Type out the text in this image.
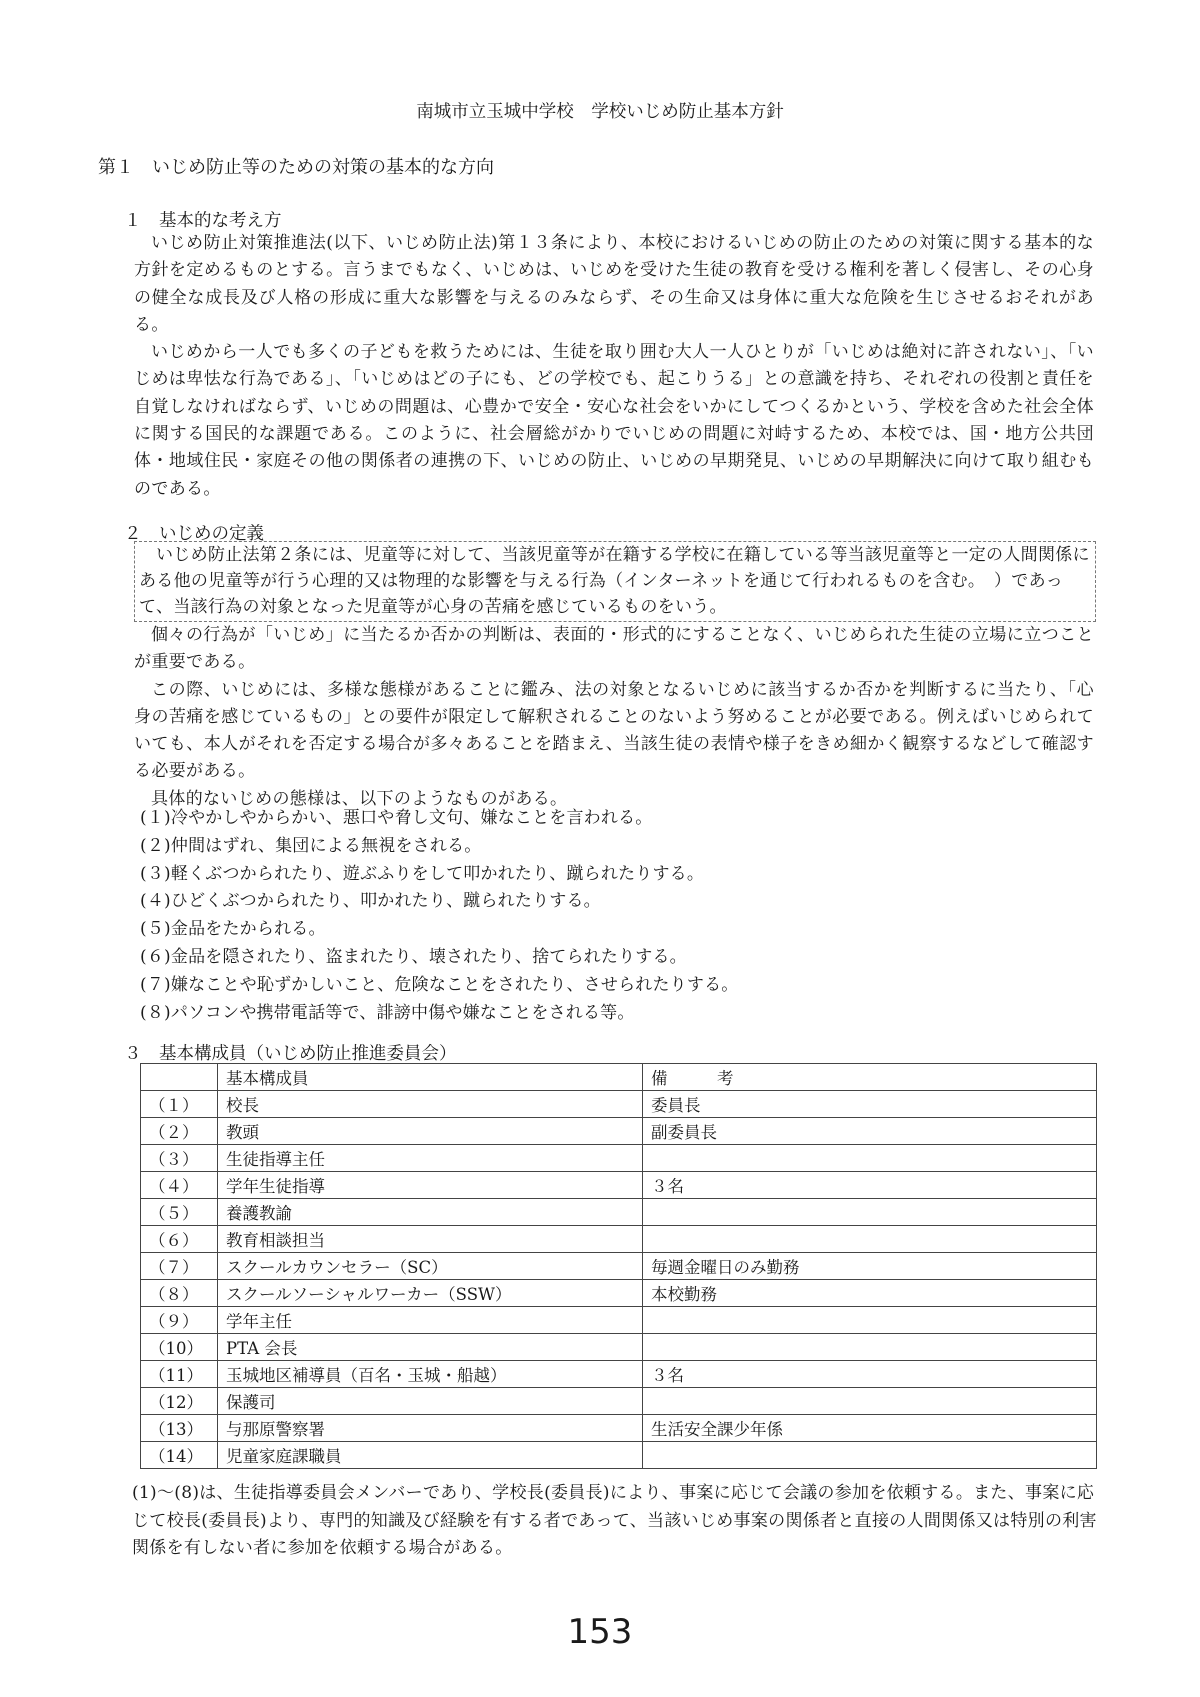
南城市立玉城中学校　学校いじめ防止基本方針
第１　いじめ防止等のための対策の基本的な方向
１　基本的な考え方

いじめ防止対策推進法(以下、いじめ防止法)第１３条により、本校におけるいじめの防止のための対策に関する基本的な方針を定めるものとする。言うまでもなく、いじめは、いじめを受けた生徒の教育を受ける権利を著しく侵害し、その心身の健全な成長及び人格の形成に重大な影響を与えるのみならず、その生命又は身体に重大な危険を生じさせるおそれがある。

いじめから一人でも多くの子どもを救うためには、生徒を取り囲む大人一人ひとりが「いじめは絶対に許されない」、「いじめは卑怯な行為である」、「いじめはどの子にも、どの学校でも、起こりうる」との意識を持ち、それぞれの役割と責任を自覚しなければならず、いじめの問題は、心豊かで安全・安心な社会をいかにしてつくるかという、学校を含めた社会全体に関する国民的な課題である。このように、社会層総がかりでいじめの問題に対峙するため、本校では、国・地方公共団体・地域住民・家庭その他の関係者の連携の下、いじめの防止、いじめの早期発見、いじめの早期解決に向けて取り組むものである。

２　いじめの定義

いじめ防止法第２条には、児童等に対して、当該児童等が在籍する学校に在籍している等当該児童等と一定の人間関係にある他の児童等が行う心理的又は物理的な影響を与える行為（インターネットを通じて行われるものを含む。　）であって、当該行為の対象となった児童等が心身の苦痛を感じているものをいう。

個々の行為が「いじめ」に当たるか否かの判断は、表面的・形式的にすることなく、いじめられた生徒の立場に立つことが重要である。

この際、いじめには、多様な態様があることに鑑み、法の対象となるいじめに該当するか否かを判断するに当たり、「心身の苦痛を感じているもの」との要件が限定して解釈されることのないよう努めることが必要である。例えばいじめられていても、本人がそれを否定する場合が多々あることを踏まえ、当該生徒の表情や様子をきめ細かく観察するなどして確認する必要がある。

具体的ないじめの態様は、以下のようなものがある。

(１)冷やかしやからかい、悪口や脅し文句、嫌なことを言われる。
(２)仲間はずれ、集団による無視をされる。
(３)軽くぶつかられたり、遊ぶふりをして叩かれたり、蹴られたりする。
(４)ひどくぶつかられたり、叩かれたり、蹴られたりする。
(５)金品をたかられる。
(６)金品を隠されたり、盗まれたり、壊されたり、捨てられたりする。
(７)嫌なことや恥ずかしいこと、危険なことをされたり、させられたりする。
(８)パソコンや携帯電話等で、誹謗中傷や嫌なことをされる等。
３　基本構成員（いじめ防止推進委員会）
	基本構成員	備　　　考
（１）	校長	委員長
（２）	教頭	副委員長
（３）	生徒指導主任	
（４）	学年生徒指導	３名
（５）	養護教諭	
（６）	教育相談担当	
（７）	スクールカウンセラー（SC）	毎週金曜日のみ勤務
（８）	スクールソーシャルワーカー（SSW）	本校勤務
（９）	学年主任	
（10）	PTA 会長	
（11）	玉城地区補導員（百名・玉城・船越）	３名
（12）	保護司	
（13）	与那原警察署	生活安全課少年係
（14）	児童家庭課職員	

(1)～(8)は、生徒指導委員会メンバーであり、学校長(委員長)により、事案に応じて会議の参加を依頼する。また、事案に応じて校長(委員長)より、専門的知識及び経験を有する者であって、当該いじめ事案の関係者と直接の人間関係又は特別の利害関係を有しない者に参加を依頼する場合がある。

153
